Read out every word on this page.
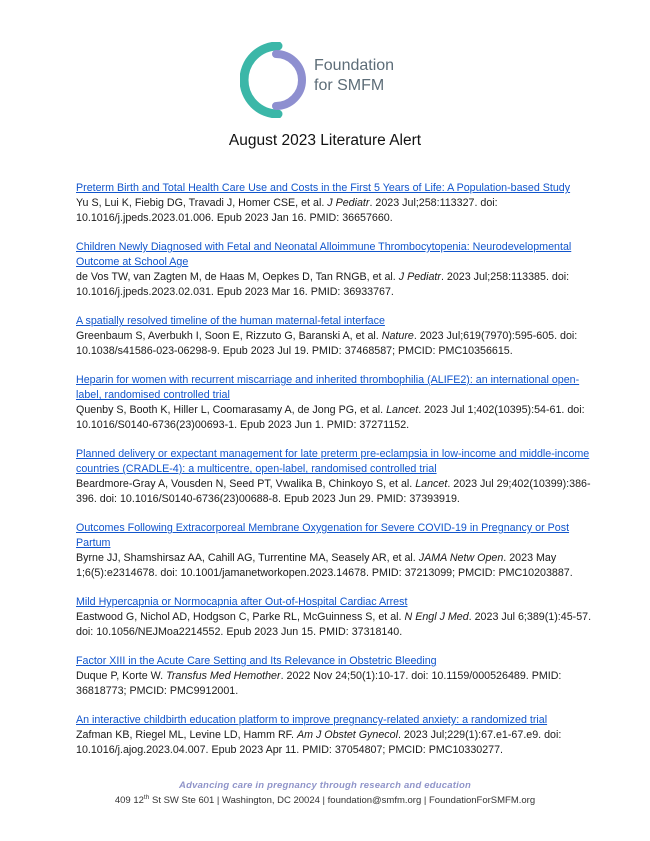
Foundation
for SMFM
August 2023 Literature Alert
Preterm Birth and Total Health Care Use and Costs in the First 5 Years of Life: A Population-based Study
Yu S, Lui K, Fiebig DG, Travadi J, Homer CSE, et al. J Pediatr. 2023 Jul;258:113327. doi: 10.1016/j.jpeds.2023.01.006. Epub 2023 Jan 16. PMID: 36657660.
Children Newly Diagnosed with Fetal and Neonatal Alloimmune Thrombocytopenia: Neurodevelopmental Outcome at School Age
de Vos TW, van Zagten M, de Haas M, Oepkes D, Tan RNGB, et al. J Pediatr. 2023 Jul;258:113385. doi: 10.1016/j.jpeds.2023.02.031. Epub 2023 Mar 16. PMID: 36933767.
A spatially resolved timeline of the human maternal-fetal interface
Greenbaum S, Averbukh I, Soon E, Rizzuto G, Baranski A, et al. Nature. 2023 Jul;619(7970):595-605. doi: 10.1038/s41586-023-06298-9. Epub 2023 Jul 19. PMID: 37468587; PMCID: PMC10356615.
Heparin for women with recurrent miscarriage and inherited thrombophilia (ALIFE2): an international open-label, randomised controlled trial
Quenby S, Booth K, Hiller L, Coomarasamy A, de Jong PG, et al. Lancet. 2023 Jul 1;402(10395):54-61. doi: 10.1016/S0140-6736(23)00693-1. Epub 2023 Jun 1. PMID: 37271152.
Planned delivery or expectant management for late preterm pre-eclampsia in low-income and middle-income countries (CRADLE-4): a multicentre, open-label, randomised controlled trial
Beardmore-Gray A, Vousden N, Seed PT, Vwalika B, Chinkoyo S, et al. Lancet. 2023 Jul 29;402(10399):386-396. doi: 10.1016/S0140-6736(23)00688-8. Epub 2023 Jun 29. PMID: 37393919.
Outcomes Following Extracorporeal Membrane Oxygenation for Severe COVID-19 in Pregnancy or Post Partum
Byrne JJ, Shamshirsaz AA, Cahill AG, Turrentine MA, Seasely AR, et al. JAMA Netw Open. 2023 May 1;6(5):e2314678. doi: 10.1001/jamanetworkopen.2023.14678. PMID: 37213099; PMCID: PMC10203887.
Mild Hypercapnia or Normocapnia after Out-of-Hospital Cardiac Arrest
Eastwood G, Nichol AD, Hodgson C, Parke RL, McGuinness S, et al. N Engl J Med. 2023 Jul 6;389(1):45-57. doi: 10.1056/NEJMoa2214552. Epub 2023 Jun 15. PMID: 37318140.
Factor XIII in the Acute Care Setting and Its Relevance in Obstetric Bleeding
Duque P, Korte W. Transfus Med Hemother. 2022 Nov 24;50(1):10-17. doi: 10.1159/000526489. PMID: 36818773; PMCID: PMC9912001.
An interactive childbirth education platform to improve pregnancy-related anxiety: a randomized trial
Zafman KB, Riegel ML, Levine LD, Hamm RF. Am J Obstet Gynecol. 2023 Jul;229(1):67.e1-67.e9. doi: 10.1016/j.ajog.2023.04.007. Epub 2023 Apr 11. PMID: 37054807; PMCID: PMC10330277.
Advancing care in pregnancy through research and education
409 12th St SW Ste 601 | Washington, DC 20024 | foundation@smfm.org | FoundationForSMFM.org
